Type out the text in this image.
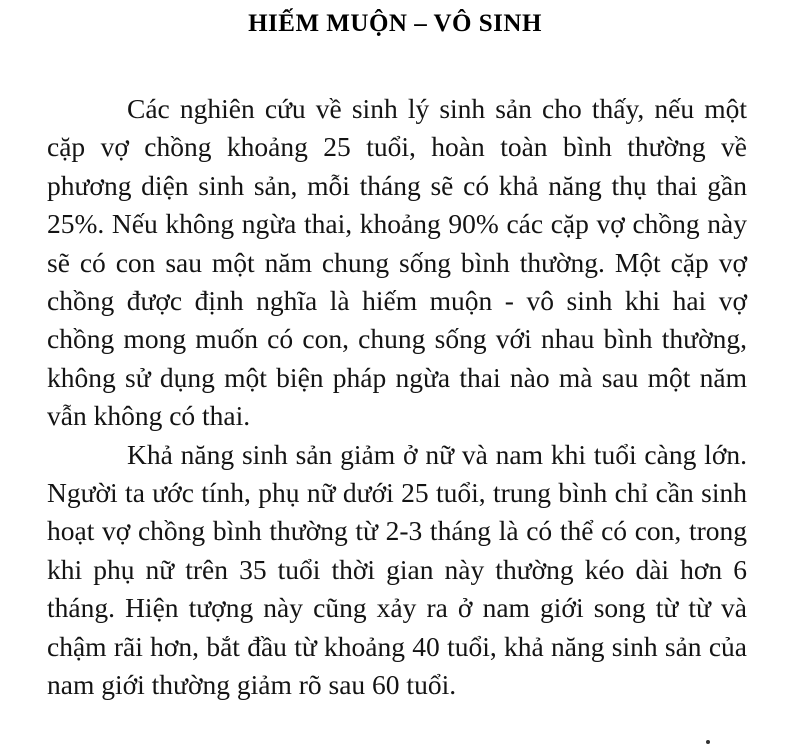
HIẾM MUỘN – VÔ SINH
Các nghiên cứu về sinh lý sinh sản cho thấy, nếu một
cặp vợ chồng khoảng 25 tuổi, hoàn toàn bình thường về
phương diện sinh sản, mỗi tháng sẽ có khả năng thụ thai gần
25%. Nếu không ngừa thai, khoảng 90% các cặp vợ chồng này
sẽ có con sau một năm chung sống bình thường. Một cặp vợ
chồng được định nghĩa là hiếm muộn - vô sinh khi hai vợ
chồng mong muốn có con, chung sống với nhau bình thường,
không sử dụng một biện pháp ngừa thai nào mà sau một năm
vẫn không có thai.
Khả năng sinh sản giảm ở nữ và nam khi tuổi càng lớn.
Người ta ước tính, phụ nữ dưới 25 tuổi, trung bình chỉ cần sinh
hoạt vợ chồng bình thường từ 2-3 tháng là có thể có con, trong
khi phụ nữ trên 35 tuổi thời gian này thường kéo dài hơn 6
tháng. Hiện tượng này cũng xảy ra ở nam giới song từ từ và
chậm rãi hơn, bắt đầu từ khoảng 40 tuổi, khả năng sinh sản của
nam giới thường giảm rõ sau 60 tuổi.
